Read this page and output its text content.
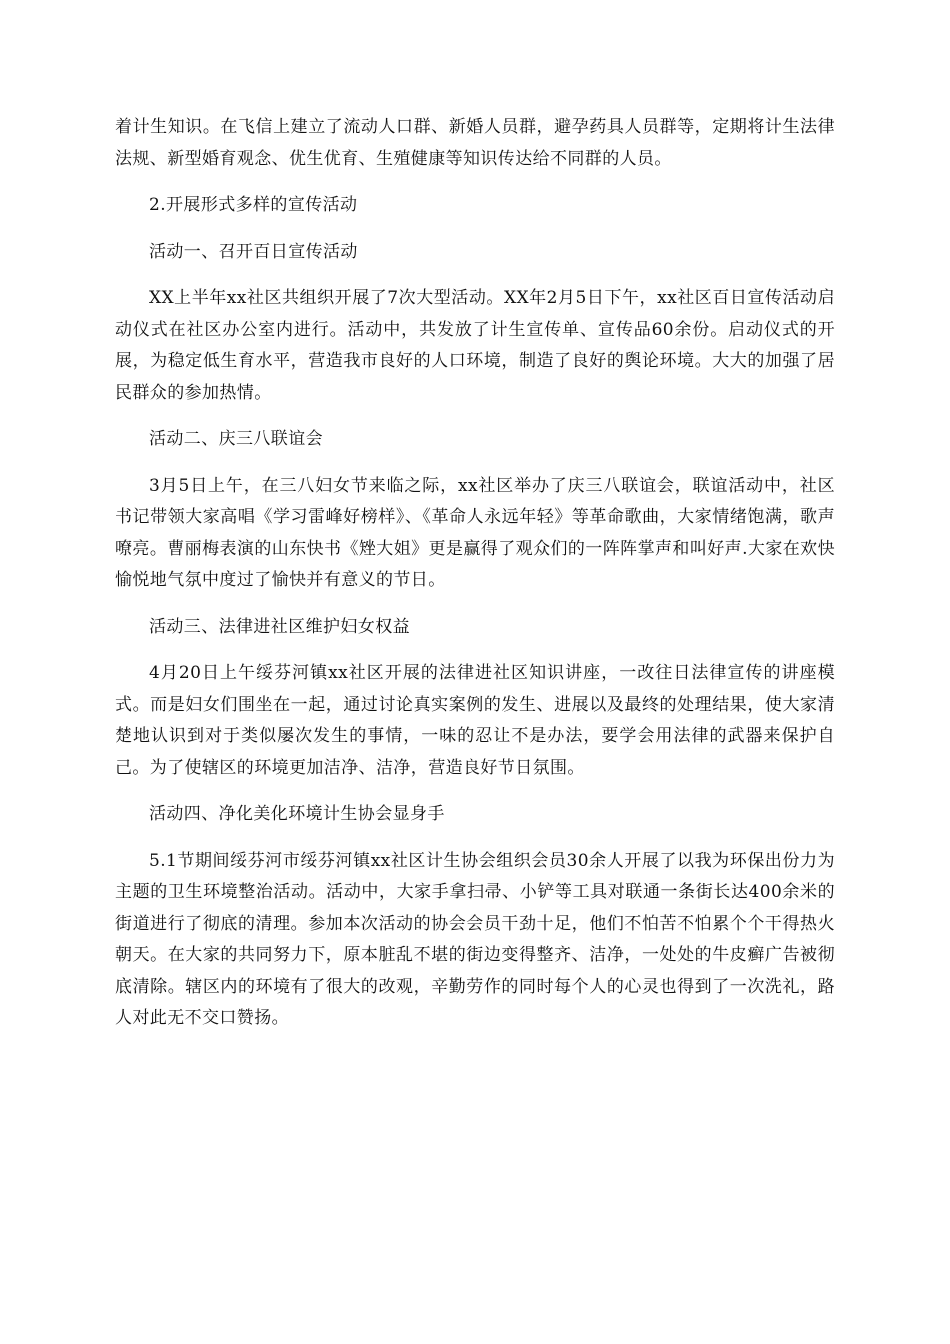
着计生知识。在飞信上建立了流动人口群、新婚人员群，避孕药具人员群等，定期将计生法律法规、新型婚育观念、优生优育、生殖健康等知识传达给不同群的人员。

2.开展形式多样的宣传活动

活动一、召开百日宣传活动

XX上半年xx社区共组织开展了7次大型活动。XX年2月5日下午，xx社区百日宣传活动启动仪式在社区办公室内进行。活动中，共发放了计生宣传单、宣传品60余份。启动仪式的开展，为稳定低生育水平，营造我市良好的人口环境，制造了良好的舆论环境。大大的加强了居民群众的参加热情。

活动二、庆三八联谊会

3月5日上午，在三八妇女节来临之际，xx社区举办了庆三八联谊会，联谊活动中，社区书记带领大家高唱《学习雷峰好榜样》、《革命人永远年轻》等革命歌曲，大家情绪饱满，歌声嘹亮。曹丽梅表演的山东快书《矬大姐》更是赢得了观众们的一阵阵掌声和叫好声.大家在欢快愉悦地气氛中度过了愉快并有意义的节日。

活动三、法律进社区维护妇女权益

4月20日上午绥芬河镇xx社区开展的法律进社区知识讲座，一改往日法律宣传的讲座模式。而是妇女们围坐在一起，通过讨论真实案例的发生、进展以及最终的处理结果，使大家清楚地认识到对于类似屡次发生的事情，一味的忍让不是办法，要学会用法律的武器来保护自己。为了使辖区的环境更加洁净、洁净，营造良好节日氛围。

活动四、净化美化环境计生协会显身手

5.1节期间绥芬河市绥芬河镇xx社区计生协会组织会员30余人开展了以我为环保出份力为主题的卫生环境整治活动。活动中，大家手拿扫帚、小铲等工具对联通一条街长达400余米的街道进行了彻底的清理。参加本次活动的协会会员干劲十足，他们不怕苦不怕累个个干得热火朝天。在大家的共同努力下，原本脏乱不堪的街边变得整齐、洁净，一处处的牛皮癣广告被彻底清除。辖区内的环境有了很大的改观，辛勤劳作的同时每个人的心灵也得到了一次洗礼，路人对此无不交口赞扬。
